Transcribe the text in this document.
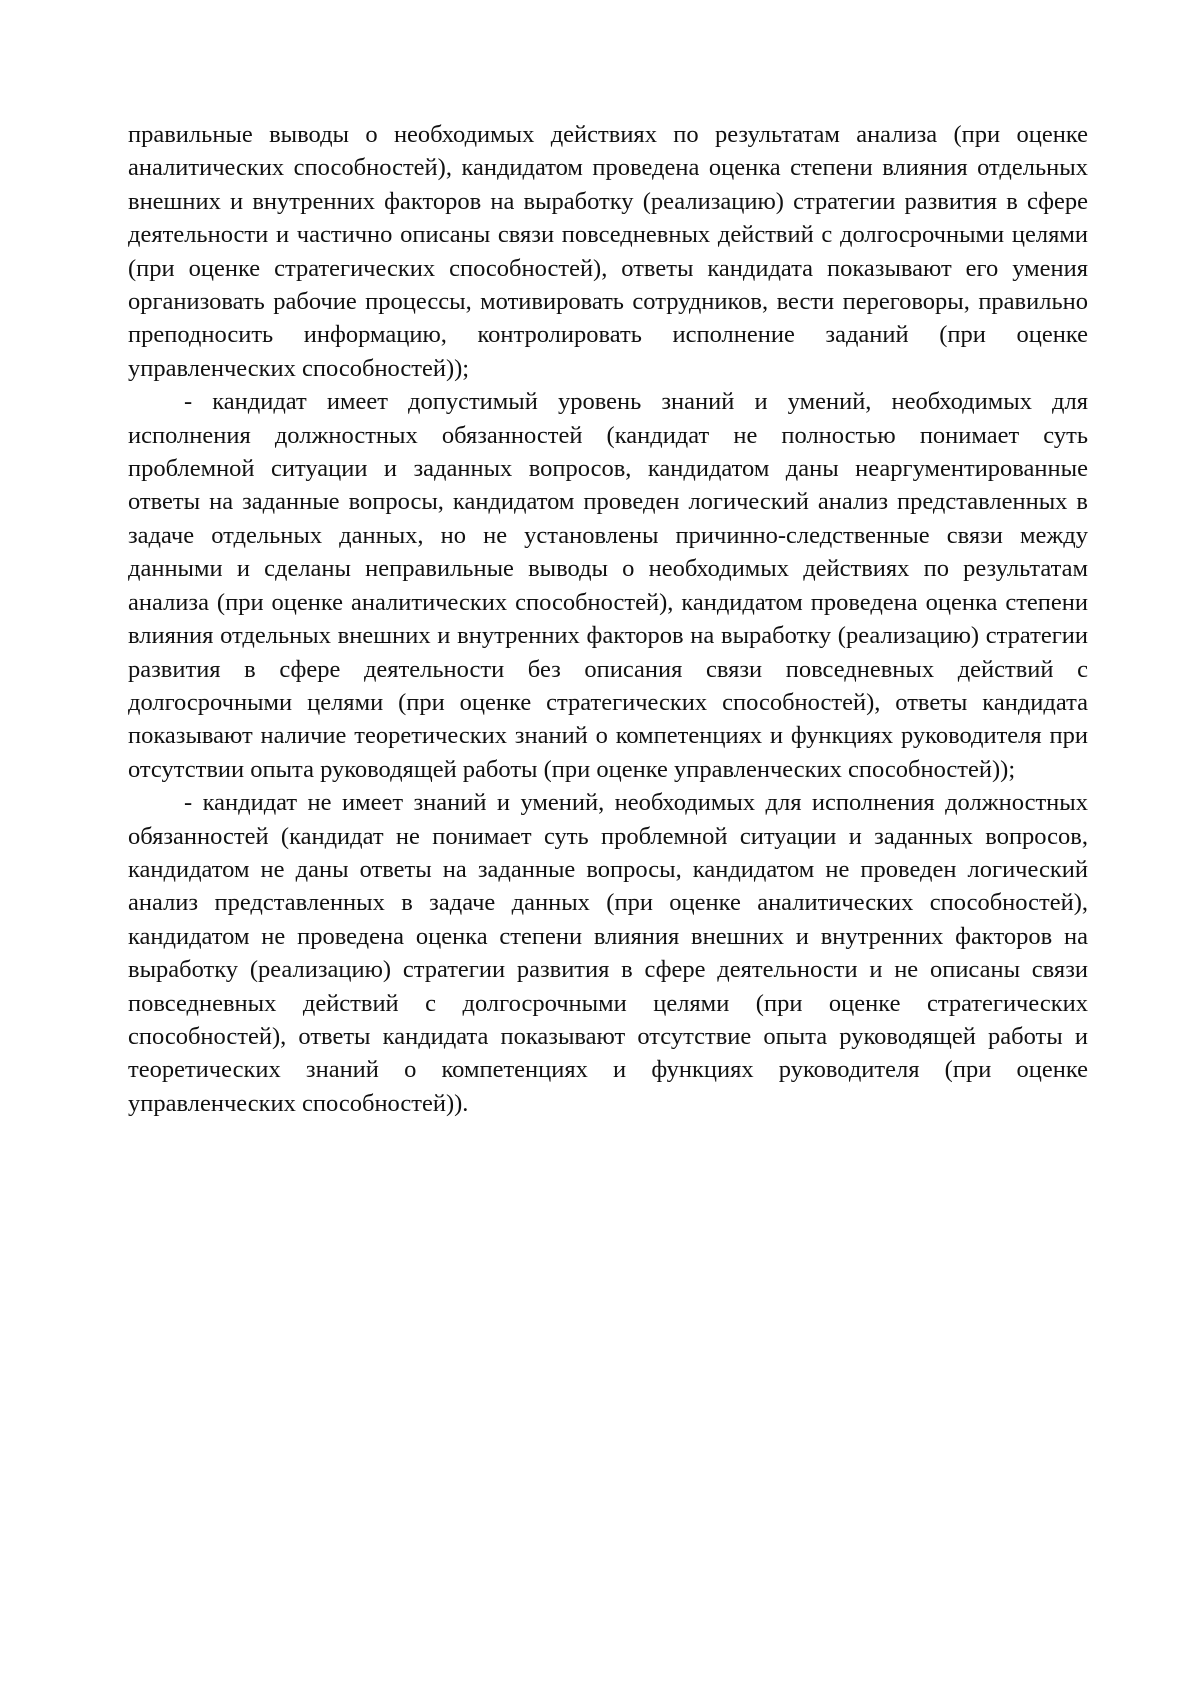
правильные выводы о необходимых действиях по результатам анализа (при оценке аналитических способностей), кандидатом проведена оценка степени влияния отдельных внешних и внутренних факторов на выработку (реализацию) стратегии развития в сфере деятельности и частично описаны связи повседневных действий с долгосрочными целями (при оценке стратегических способностей), ответы кандидата показывают его умения организовать рабочие процессы, мотивировать сотрудников, вести переговоры, правильно преподносить информацию, контролировать исполнение заданий (при оценке управленческих способностей));

- кандидат имеет допустимый уровень знаний и умений, необходимых для исполнения должностных обязанностей (кандидат не полностью понимает суть проблемной ситуации и заданных вопросов, кандидатом даны неаргументированные ответы на заданные вопросы, кандидатом проведен логический анализ представленных в задаче отдельных данных, но не установлены причинно-следственные связи между данными и сделаны неправильные выводы о необходимых действиях по результатам анализа (при оценке аналитических способностей), кандидатом проведена оценка степени влияния отдельных внешних и внутренних факторов на выработку (реализацию) стратегии развития в сфере деятельности без описания связи повседневных действий с долгосрочными целями (при оценке стратегических способностей), ответы кандидата показывают наличие теоретических знаний о компетенциях и функциях руководителя при отсутствии опыта руководящей работы (при оценке управленческих способностей));

- кандидат не имеет знаний и умений, необходимых для исполнения должностных обязанностей (кандидат не понимает суть проблемной ситуации и заданных вопросов, кандидатом не даны ответы на заданные вопросы, кандидатом не проведен логический анализ представленных в задаче данных (при оценке аналитических способностей), кандидатом не проведена оценка степени влияния внешних и внутренних факторов на выработку (реализацию) стратегии развития в сфере деятельности и не описаны связи повседневных действий с долгосрочными целями (при оценке стратегических способностей), ответы кандидата показывают отсутствие опыта руководящей работы и теоретических знаний о компетенциях и функциях руководителя (при оценке управленческих способностей)).
